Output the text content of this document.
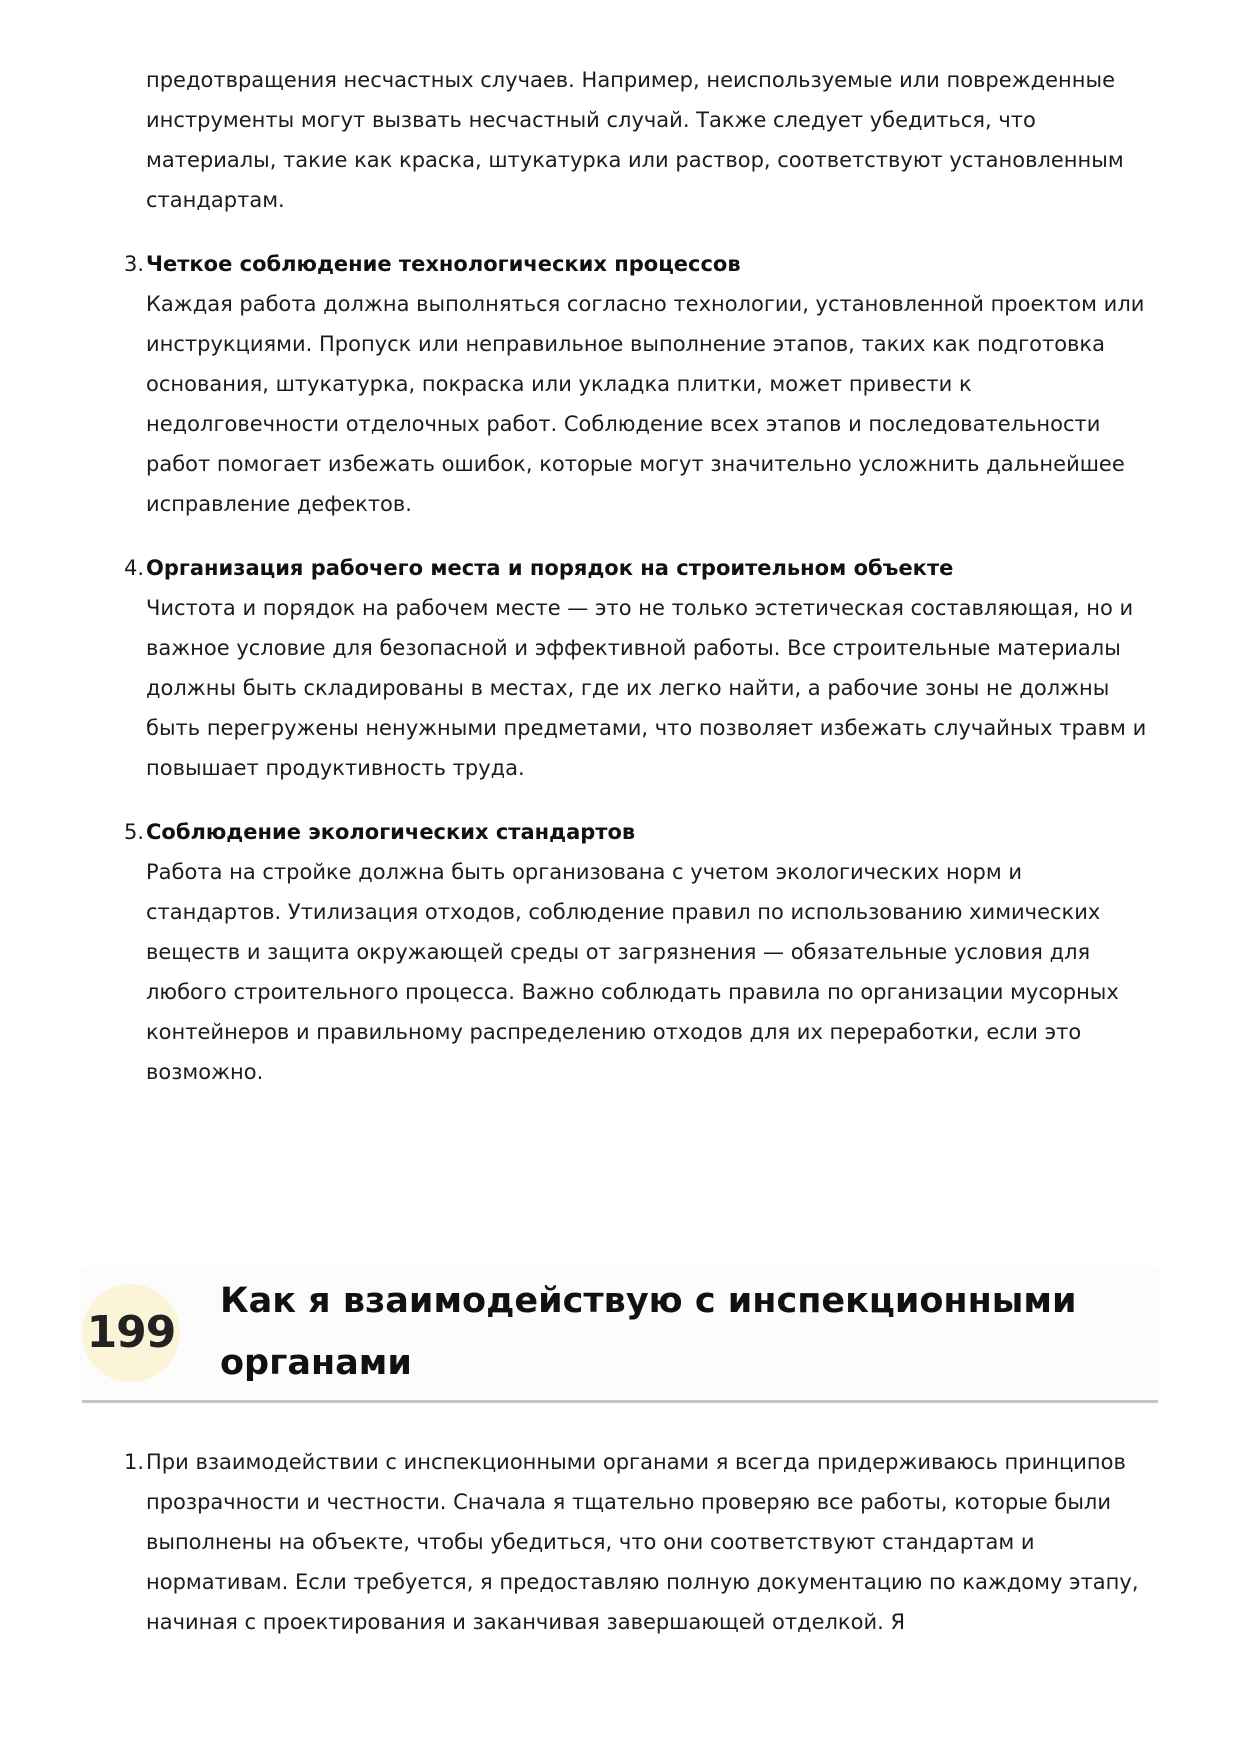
предотвращения несчастных случаев. Например, неиспользуемые или поврежденные инструменты могут вызвать несчастный случай. Также следует убедиться, что материалы, такие как краска, штукатурка или раствор, соответствуют установленным стандартам.

3. Четкое соблюдение технологических процессов
Каждая работа должна выполняться согласно технологии, установленной проектом или инструкциями. Пропуск или неправильное выполнение этапов, таких как подготовка основания, штукатурка, покраска или укладка плитки, может привести к недолговечности отделочных работ. Соблюдение всех этапов и последовательности работ помогает избежать ошибок, которые могут значительно усложнить дальнейшее исправление дефектов.
4. Организация рабочего места и порядок на строительном объекте
Чистота и порядок на рабочем месте — это не только эстетическая составляющая, но и важное условие для безопасной и эффективной работы. Все строительные материалы должны быть складированы в местах, где их легко найти, а рабочие зоны не должны быть перегружены ненужными предметами, что позволяет избежать случайных травм и повышает продуктивность труда.
5. Соблюдение экологических стандартов
Работа на стройке должна быть организована с учетом экологических норм и стандартов. Утилизация отходов, соблюдение правил по использованию химических веществ и защита окружающей среды от загрязнения — обязательные условия для любого строительного процесса. Важно соблюдать правила по организации мусорных контейнеров и правильному распределению отходов для их переработки, если это возможно.
199
Как я взаимодействую с инспекционными органами
1. При взаимодействии с инспекционными органами я всегда придерживаюсь принципов прозрачности и честности. Сначала я тщательно проверяю все работы, которые были выполнены на объекте, чтобы убедиться, что они соответствуют стандартам и нормативам. Если требуется, я предоставляю полную документацию по каждому этапу, начиная с проектирования и заканчивая завершающей отделкой. Я
